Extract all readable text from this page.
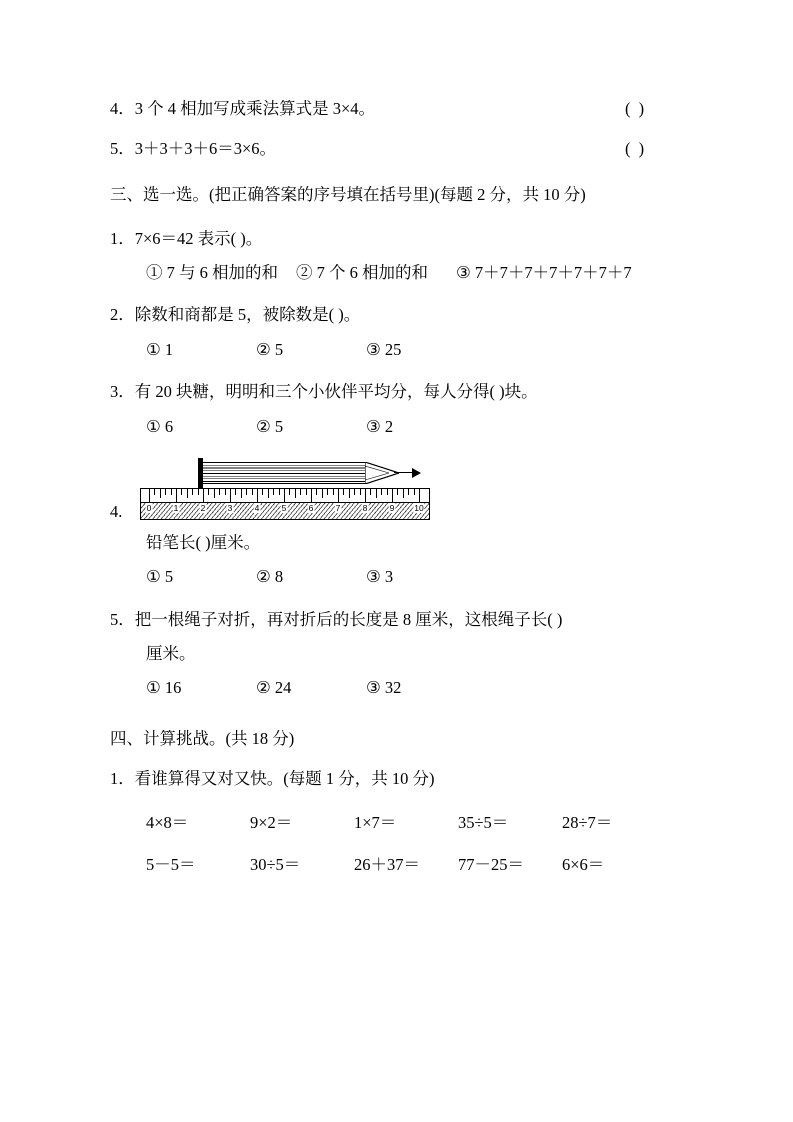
4．3 个 4 相加写成乘法算式是 3×4。	( )
5．3＋3＋3＋6＝3×6。	( )
三、选一选。(把正确答案的序号填在括号里)(每题 2 分，共 10 分)
1．7×6＝42 表示( )。
① 7 与 6 相加的和 ② 7 个 6 相加的和 ③ 7＋7＋7＋7＋7＋7＋7
2．除数和商都是 5，被除数是( )。
① 1	② 5	③ 25
3．有 20 块糖，明明和三个小伙伴平均分，每人分得( )块。
① 6	② 5	③ 2
4.	0	1	2	3	4	5	6	7	8	9 10
铅笔长( )厘米。
① 5	② 8	③ 3
5．把一根绳子对折，再对折后的长度是 8 厘米，这根绳子长( )
厘米。
① 16	② 24	③ 32
四、计算挑战。(共 18 分)
1．看谁算得又对又快。(每题 1 分，共 10 分)
4×8＝	9×2＝	1×7＝	35÷5＝	28÷7＝
5－5＝	30÷5＝	26＋37＝	77－25＝	6×6＝
